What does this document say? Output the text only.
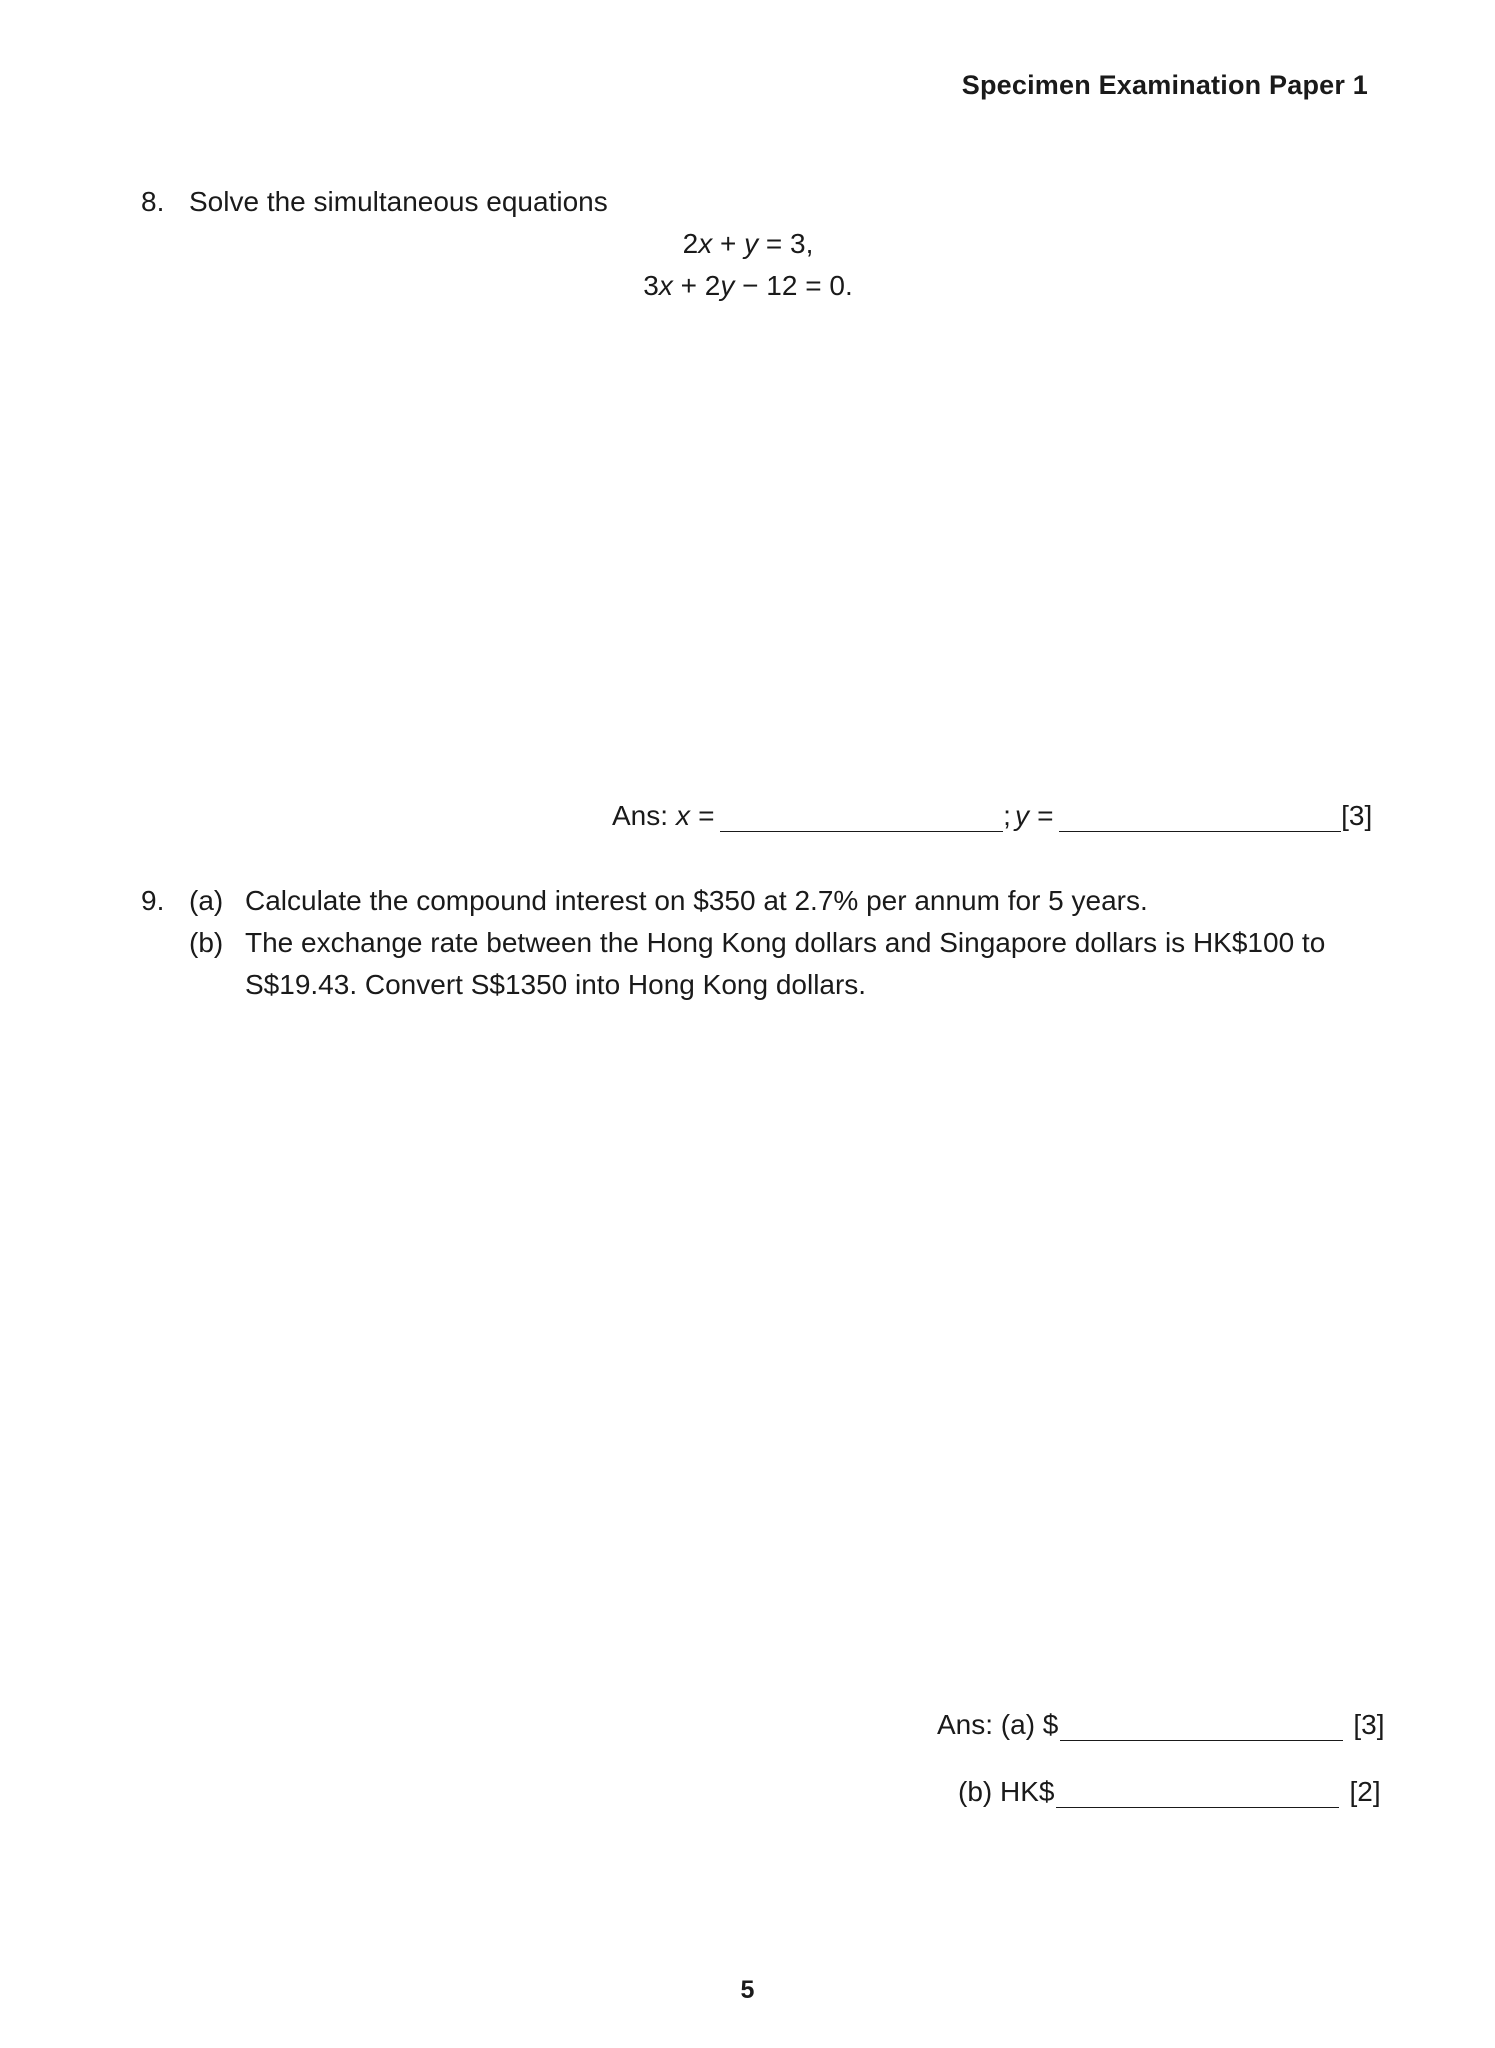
Specimen Examination Paper 1
8. Solve the simultaneous equations
2x + y = 3,
3x + 2y − 12 = 0.
Ans: x =	; y =	[3]
9. (a) Calculate the compound interest on $350 at 2.7% per annum for 5 years.
(b) The exchange rate between the Hong Kong dollars and Singapore dollars is HK$100 to
S$19.43. Convert S$1350 into Hong Kong dollars.
Ans: (a) $	[3]
(b) HK$	[2]
5
